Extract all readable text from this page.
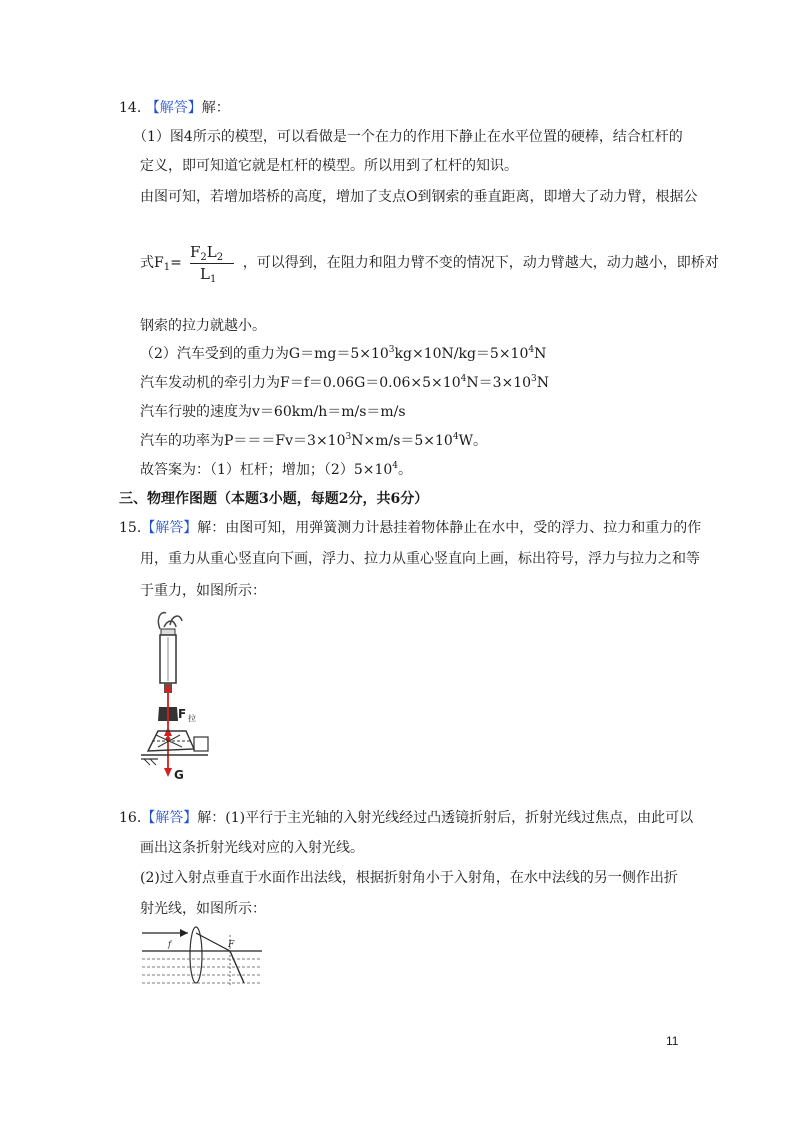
14. 【解答】解：
（1）图4所示的模型，可以看做是一个在力的作用下静止在水平位置的硬棒，结合杠杆的
定义，即可知道它就是杠杆的模型。所以用到了杠杆的知识。
由图可知，若增加塔桥的高度，增加了支点O到钢索的垂直距离，即增大了动力臂，根据公
式$F_1=$	，可以得到，在阻力和阻力臂不变的情况下，动力臂越大，动力越小，即桥对
$F_2L_2$
$L_1$
钢索的拉力就越小。
（2）汽车受到的重力为$G=mg=5\times 10^3kg\times 10N/kg=5\times 10^4N$
汽车发动机的牵引力为$F=f=0.06G=0.06\times 5\times 10^4N=3\times 10^3N$
汽车行驶的速度为v＝60km/h＝m/s＝m/s
汽车的功率为$P===Fv=3\times 10^3N\times m/s=5\times 10^4W$。
故答案为：（1）杠杆；增加；$(2)5\times 10^4$。
三、物理作图题（本题3小题，每题2分，共6分）
15.【解答】解：由图可知，用弹簧测力计悬挂着物体静止在水中，受的浮力、拉力和重力的作
用，重力从重心竖直向下画，浮力、拉力从重心竖直向上画，标出符号，浮力与拉力之和等
于重力，如图所示：
F 拉
G
16.【解答】解：(1)平行于主光轴的入射光线经过凸透镜折射后，折射光线过焦点，由此可以
画出这条折射光线对应的入射光线。
(2)过入射点垂直于水面作出法线，根据折射角小于入射角，在水中法线的另一侧作出折
射光线，如图所示：
f	F
11
